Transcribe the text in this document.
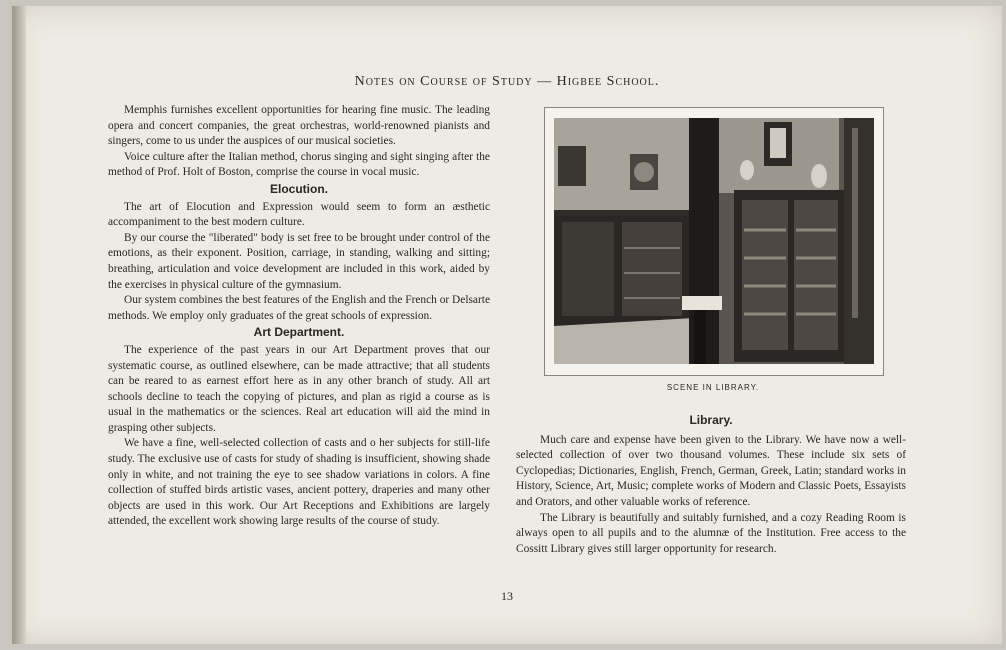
Notes on Course of Study — Higbee School.

Memphis furnishes excellent opportunities for hearing fine music. The leading opera and concert companies, the great orchestras, world-renowned pianists and singers, come to us under the auspices of our musical societies.

Voice culture after the Italian method, chorus singing and sight singing after the method of Prof. Holt of Boston, comprise the course in vocal music.

Elocution.

The art of Elocution and Expression would seem to form an æsthetic accompaniment to the best modern culture.

By our course the "liberated" body is set free to be brought under control of the emotions, as their exponent. Position, carriage, in standing, walking and sitting; breathing, articulation and voice development are included in this work, aided by the exercises in physical culture of the gymnasium.

Our system combines the best features of the English and the French or Delsarte methods. We employ only graduates of the great schools of expression.

Art Department.

The experience of the past years in our Art Department proves that our systematic course, as outlined elsewhere, can be made attractive; that all students can be reared to as earnest effort here as in any other branch of study. All art schools decline to teach the copying of pictures, and plan as rigid a course as is usual in the mathematics or the sciences. Real art education will aid the mind in grasping other subjects.

We have a fine, well-selected collection of casts and o her subjects for still-life study. The exclusive use of casts for study of shading is insufficient, showing shade only in white, and not training the eye to see shadow variations in colors. A fine collection of stuffed birds artistic vases, ancient pottery, draperies and many other objects are used in this work. Our Art Receptions and Exhibitions are largely attended, the excellent work showing large results of the course of study.

SCENE IN LIBRARY.
Library.

Much care and expense have been given to the Library. We have now a well-selected collection of over two thousand volumes. These include six sets of Cyclopedias; Dictionaries, English, French, German, Greek, Latin; standard works in History, Science, Art, Music; complete works of Modern and Classic Poets, Essayists and Orators, and other valuable works of reference.

The Library is beautifully and suitably furnished, and a cozy Reading Room is always open to all pupils and to the alumnæ of the Institution. Free access to the Cossitt Library gives still larger opportunity for research.

13
